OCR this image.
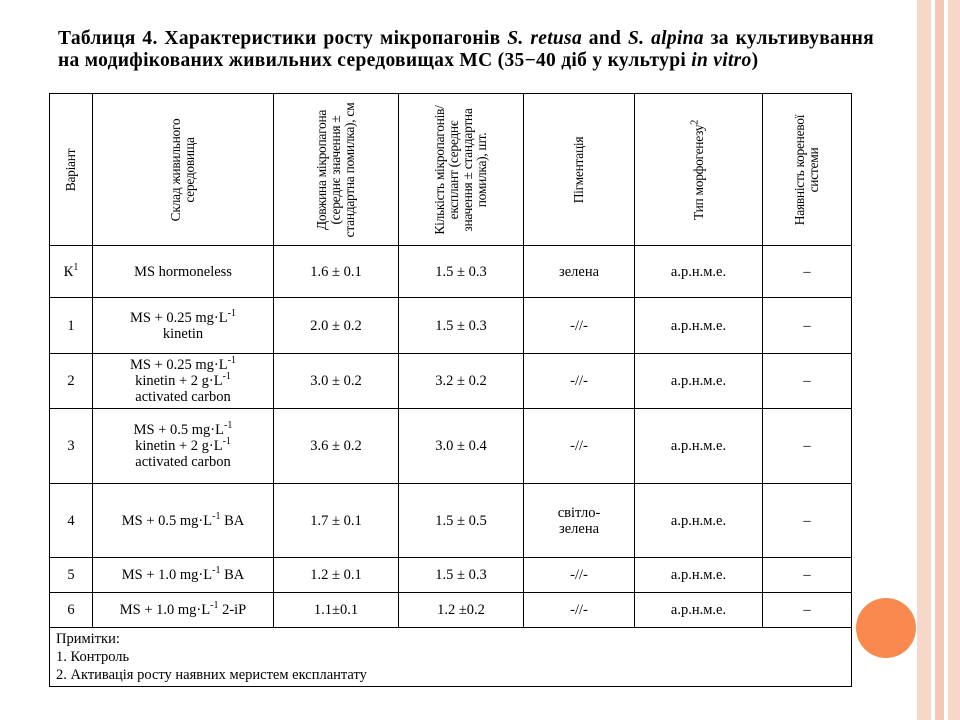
Таблиця 4. Характеристики росту мікропагонів S. retusa and S. alpina за культивування на модифікованих живильних середовищах МС (35−40 діб у культурі in vitro)
Варіант	Склад живильного середовища	Довжина мікропагона (середнє значення ± стандартна помилка), см	Кількість мікропагонів/експлант (середнє значення ± стандартна помилка), шт.	Пігментація	Тип морфогенезу$^2$	Наявність кореневої системи

$К^1$	MS hormoneless	1.6 ± 0.1	1.5 ± 0.3	зелена	а.р.н.м.е.	–
1	MS + 0.25 $mg\cdot L^{-1}$
kinetin	2.0 ± 0.2	1.5 ± 0.3	-//-	а.р.н.м.е.	–
2	MS + 0.25 $mg\cdot L^{-1}$
kinetin + 2 $g\cdot L^{-1}$
activated carbon	3.0 ± 0.2	3.2 ± 0.2	-//-	а.р.н.м.е.	–
3	MS + 0.5 $mg\cdot L^{-1}$
kinetin + 2 $g\cdot L^{-1}$
activated carbon	3.6 ± 0.2	3.0 ± 0.4	-//-	а.р.н.м.е.	–
4	MS + 0.5 $mg\cdot L^{-1}$ BA	1.7 ± 0.1	1.5 ± 0.5	світло-
зелена	а.р.н.м.е.	–
5	MS + 1.0 $mg\cdot L^{-1}$ BA	1.2 ± 0.1	1.5 ± 0.3	-//-	а.р.н.м.е.	–
6	MS + 1.0 $mg\cdot L^{-1}$ 2-iP	1.1±0.1	1.2 ±0.2	-//-	а.р.н.м.е.	–

Примітки:
1. Контроль
2. Активація росту наявних меристем експлантату						
